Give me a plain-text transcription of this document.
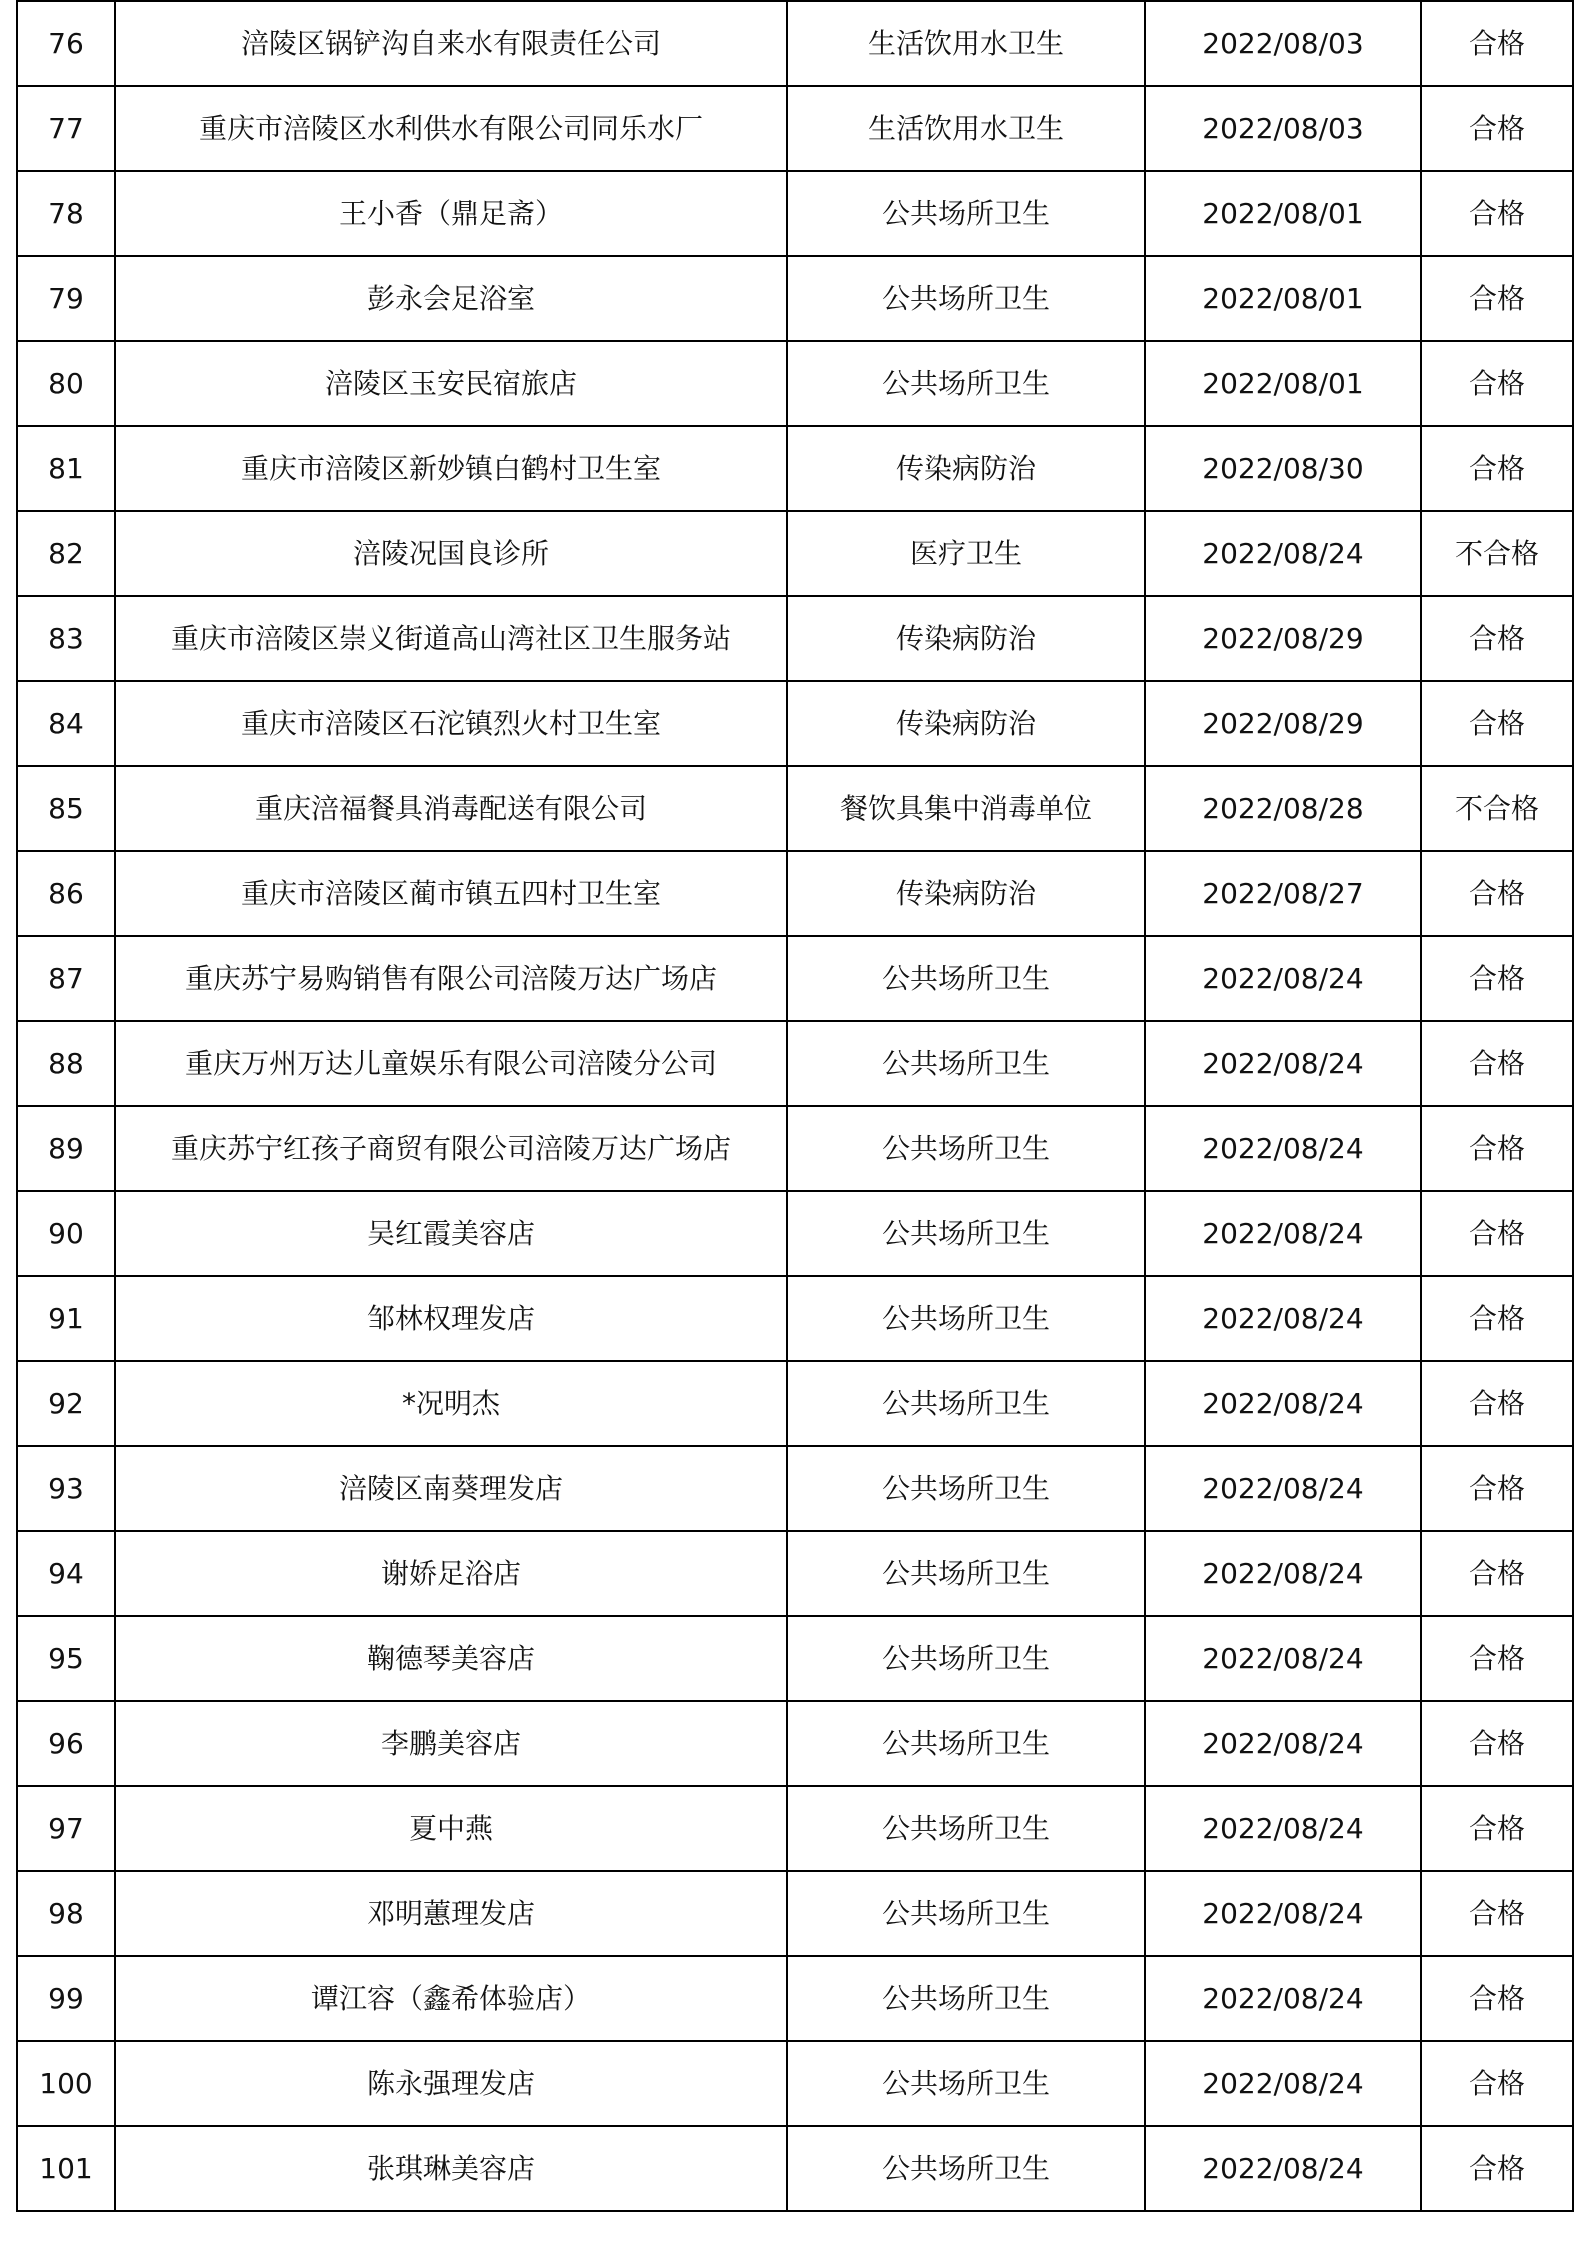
76	涪陵区锅铲沟自来水有限责任公司	生活饮用水卫生	2022/08/03	合格
77	重庆市涪陵区水利供水有限公司同乐水厂	生活饮用水卫生	2022/08/03	合格
78	王小香（鼎足斋）	公共场所卫生	2022/08/01	合格
79	彭永会足浴室	公共场所卫生	2022/08/01	合格
80	涪陵区玉安民宿旅店	公共场所卫生	2022/08/01	合格
81	重庆市涪陵区新妙镇白鹤村卫生室	传染病防治	2022/08/30	合格
82	涪陵况国良诊所	医疗卫生	2022/08/24	不合格
83	重庆市涪陵区崇义街道高山湾社区卫生服务站	传染病防治	2022/08/29	合格
84	重庆市涪陵区石沱镇烈火村卫生室	传染病防治	2022/08/29	合格
85	重庆涪福餐具消毒配送有限公司	餐饮具集中消毒单位	2022/08/28	不合格
86	重庆市涪陵区蔺市镇五四村卫生室	传染病防治	2022/08/27	合格
87	重庆苏宁易购销售有限公司涪陵万达广场店	公共场所卫生	2022/08/24	合格
88	重庆万州万达儿童娱乐有限公司涪陵分公司	公共场所卫生	2022/08/24	合格
89	重庆苏宁红孩子商贸有限公司涪陵万达广场店	公共场所卫生	2022/08/24	合格
90	吴红霞美容店	公共场所卫生	2022/08/24	合格
91	邹林权理发店	公共场所卫生	2022/08/24	合格
92	*况明杰	公共场所卫生	2022/08/24	合格
93	涪陵区南葵理发店	公共场所卫生	2022/08/24	合格
94	谢娇足浴店	公共场所卫生	2022/08/24	合格
95	鞠德琴美容店	公共场所卫生	2022/08/24	合格
96	李鹏美容店	公共场所卫生	2022/08/24	合格
97	夏中燕	公共场所卫生	2022/08/24	合格
98	邓明蕙理发店	公共场所卫生	2022/08/24	合格
99	谭江容（鑫希体验店）	公共场所卫生	2022/08/24	合格
100	陈永强理发店	公共场所卫生	2022/08/24	合格
101	张琪琳美容店	公共场所卫生	2022/08/24	合格
